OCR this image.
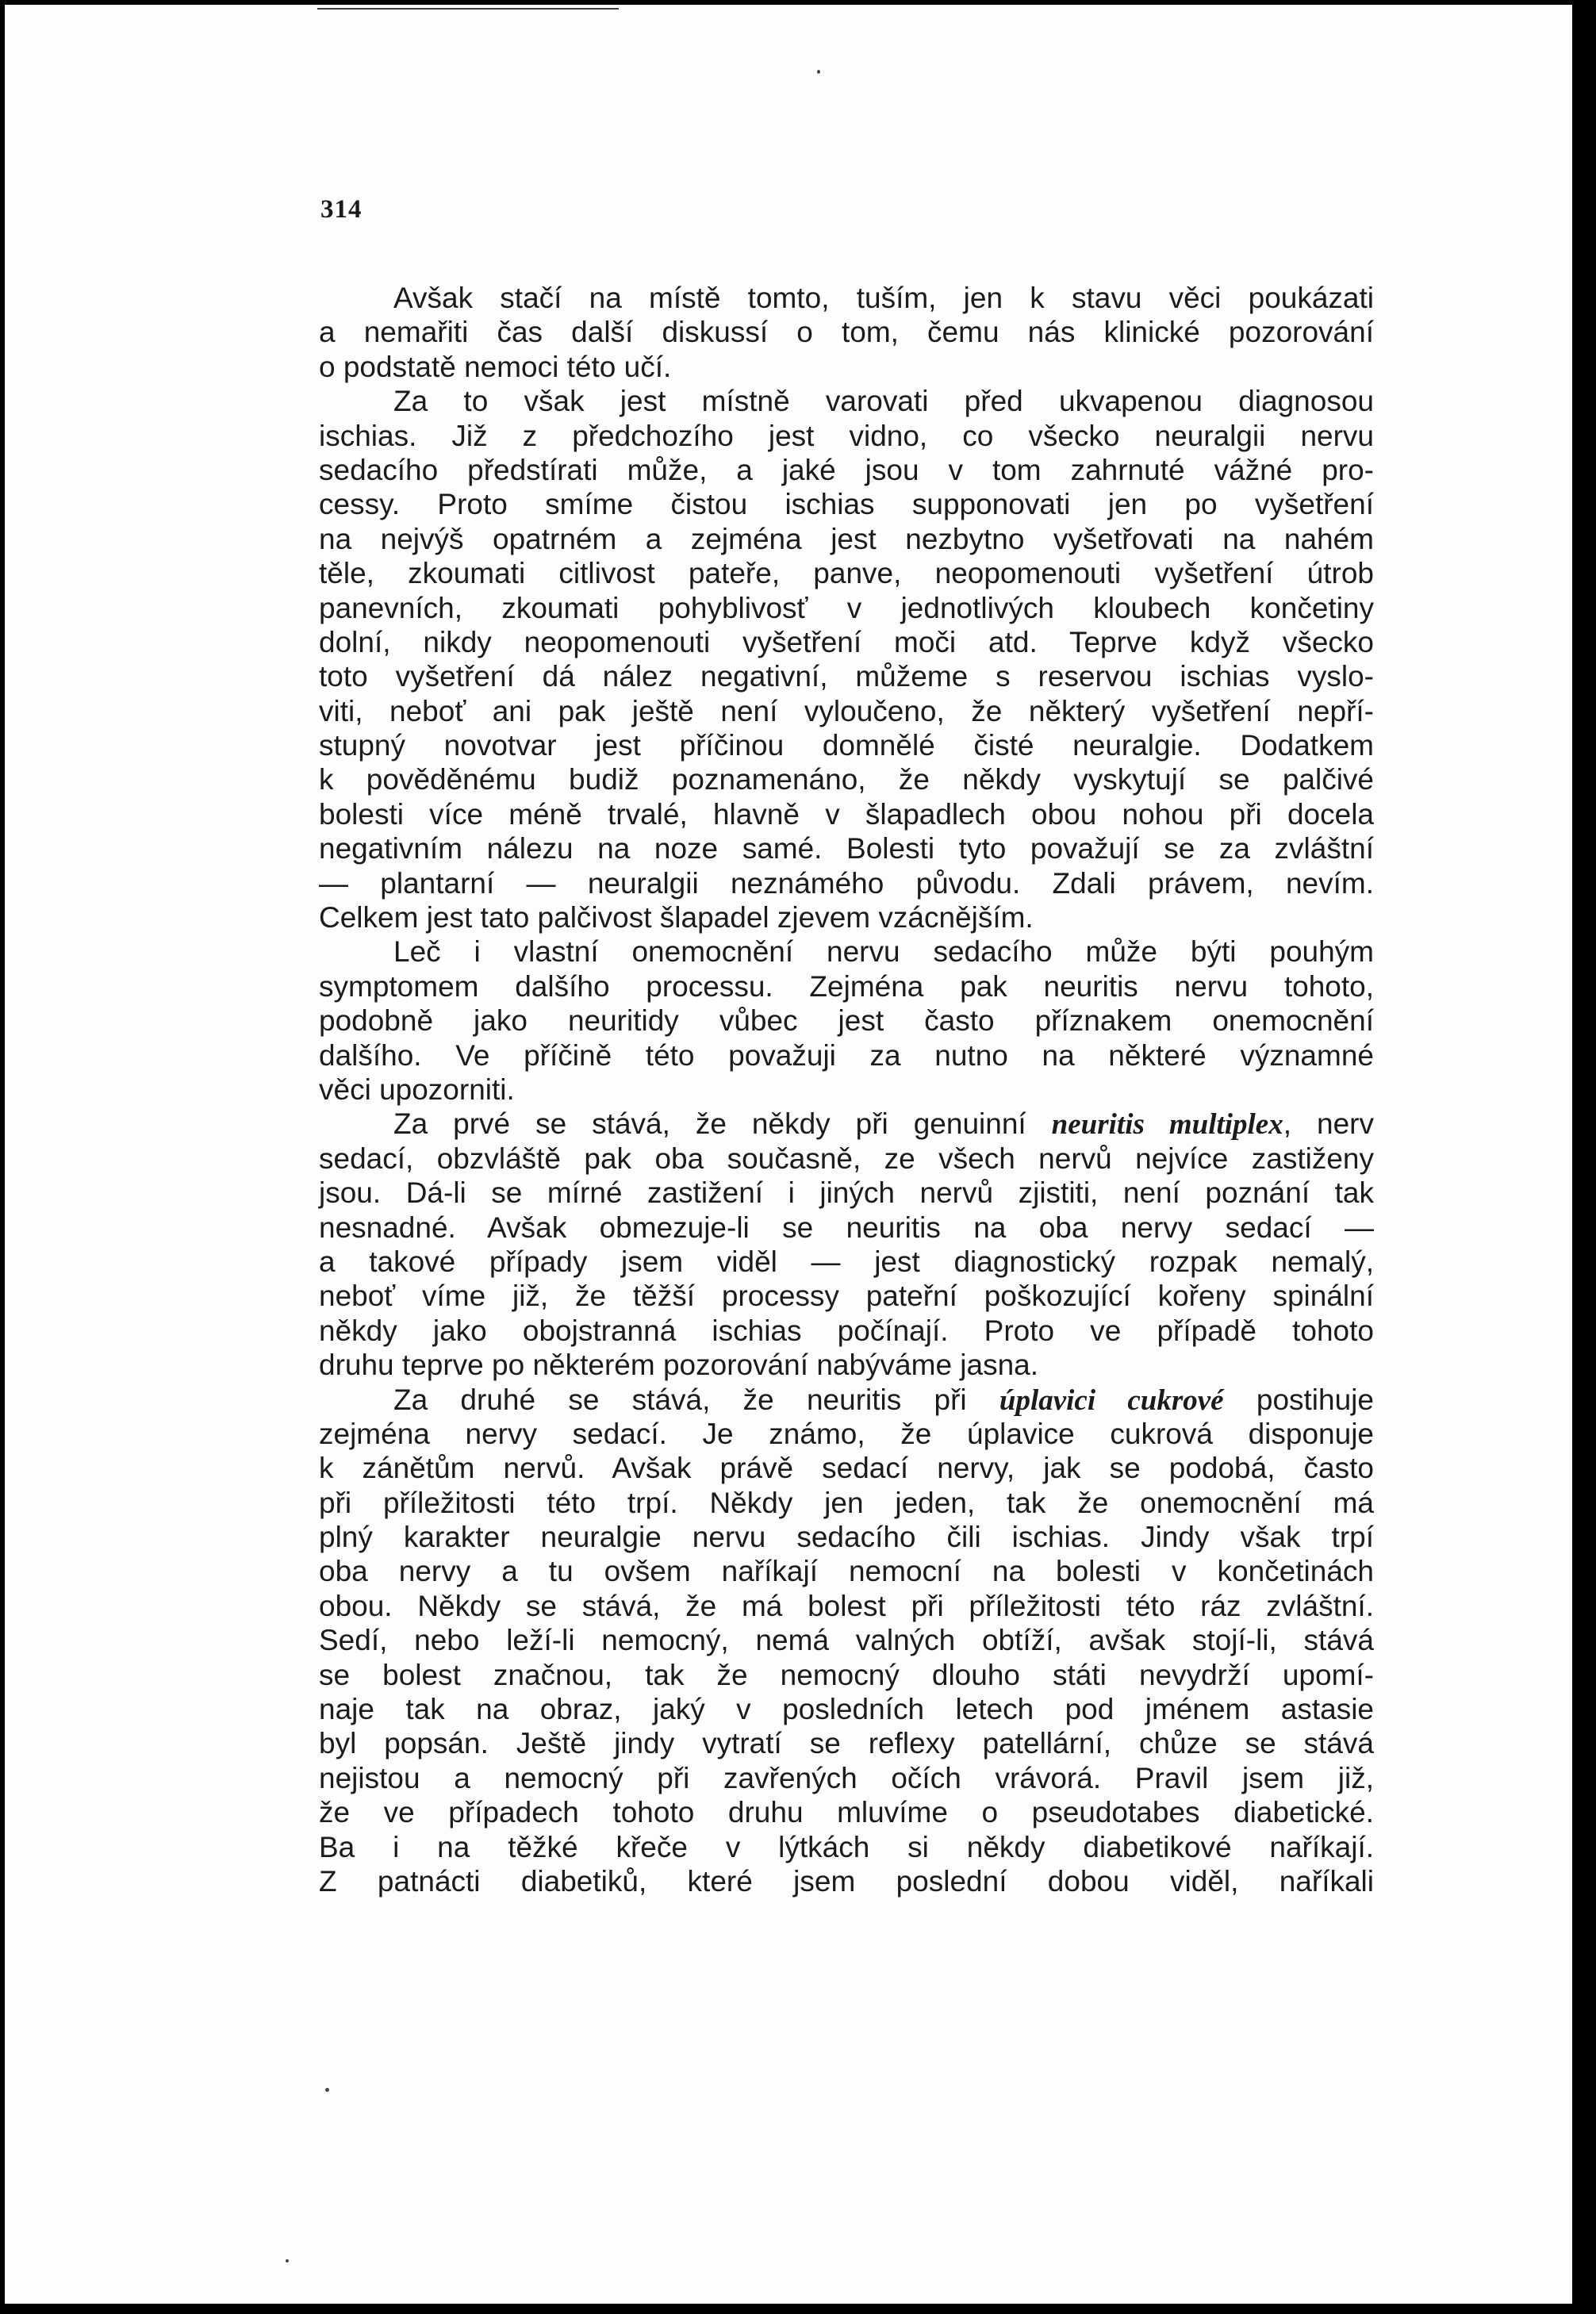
314
Avšak stačí na místě tomto, tuším, jen k stavu věci poukázati
a nemařiti čas další diskussí o tom, čemu nás klinické pozorování
o podstatě nemoci této učí.
Za to však jest místně varovati před ukvapenou diagnosou
ischias. Již z předchozího jest vidno, co všecko neuralgii nervu
sedacího předstírati může, a jaké jsou v tom zahrnuté vážné pro-
cessy. Proto smíme čistou ischias supponovati jen po vyšetření
na nejvýš opatrném a zejména jest nezbytno vyšetřovati na nahém
těle, zkoumati citlivost pateře, panve, neopomenouti vyšetření útrob
panevních, zkoumati pohyblivosť v jednotlivých kloubech končetiny
dolní, nikdy neopomenouti vyšetření moči atd. Teprve když všecko
toto vyšetření dá nález negativní, můžeme s reservou ischias vyslo-
viti, neboť ani pak ještě není vyloučeno, že některý vyšetření nepří-
stupný novotvar jest příčinou domnělé čisté neuralgie. Dodatkem
k pověděnému budiž poznamenáno, že někdy vyskytují se palčivé
bolesti více méně trvalé, hlavně v šlapadlech obou nohou při docela
negativním nálezu na noze samé. Bolesti tyto považují se za zvláštní
— plantarní — neuralgii neznámého původu. Zdali právem, nevím.
Celkem jest tato palčivost šlapadel zjevem vzácnějším.
Leč i vlastní onemocnění nervu sedacího může býti pouhým
symptomem dalšího processu. Zejména pak neuritis nervu tohoto,
podobně jako neuritidy vůbec jest často příznakem onemocnění
dalšího. Ve příčině této považuji za nutno na některé významné
věci upozorniti.
Za prvé se stává, že někdy při genuinní neuritis multiplex, nerv
sedací, obzvláště pak oba současně, ze všech nervů nejvíce zastiženy
jsou. Dá-li se mírné zastižení i jiných nervů zjistiti, není poznání tak
nesnadné. Avšak obmezuje-li se neuritis na oba nervy sedací —
a takové případy jsem viděl — jest diagnostický rozpak nemalý,
neboť víme již, že těžší processy pateřní poškozující kořeny spinální
někdy jako obojstranná ischias počínají. Proto ve případě tohoto
druhu teprve po některém pozorování nabýváme jasna.
Za druhé se stává, že neuritis při úplavici cukrové postihuje
zejména nervy sedací. Je známo, že úplavice cukrová disponuje
k zánětům nervů. Avšak právě sedací nervy, jak se podobá, často
při příležitosti této trpí. Někdy jen jeden, tak že onemocnění má
plný karakter neuralgie nervu sedacího čili ischias. Jindy však trpí
oba nervy a tu ovšem naříkají nemocní na bolesti v končetinách
obou. Někdy se stává, že má bolest při příležitosti této ráz zvláštní.
Sedí, nebo leží-li nemocný, nemá valných obtíží, avšak stojí-li, stává
se bolest značnou, tak že nemocný dlouho státi nevydrží upomí-
naje tak na obraz, jaký v posledních letech pod jménem astasie
byl popsán. Ještě jindy vytratí se reflexy patellární, chůze se stává
nejistou a nemocný při zavřených očích vrávorá. Pravil jsem již,
že ve případech tohoto druhu mluvíme o pseudotabes diabetické.
Ba i na těžké křeče v lýtkách si někdy diabetikové naříkají.
Z patnácti diabetiků, které jsem poslední dobou viděl, naříkali
